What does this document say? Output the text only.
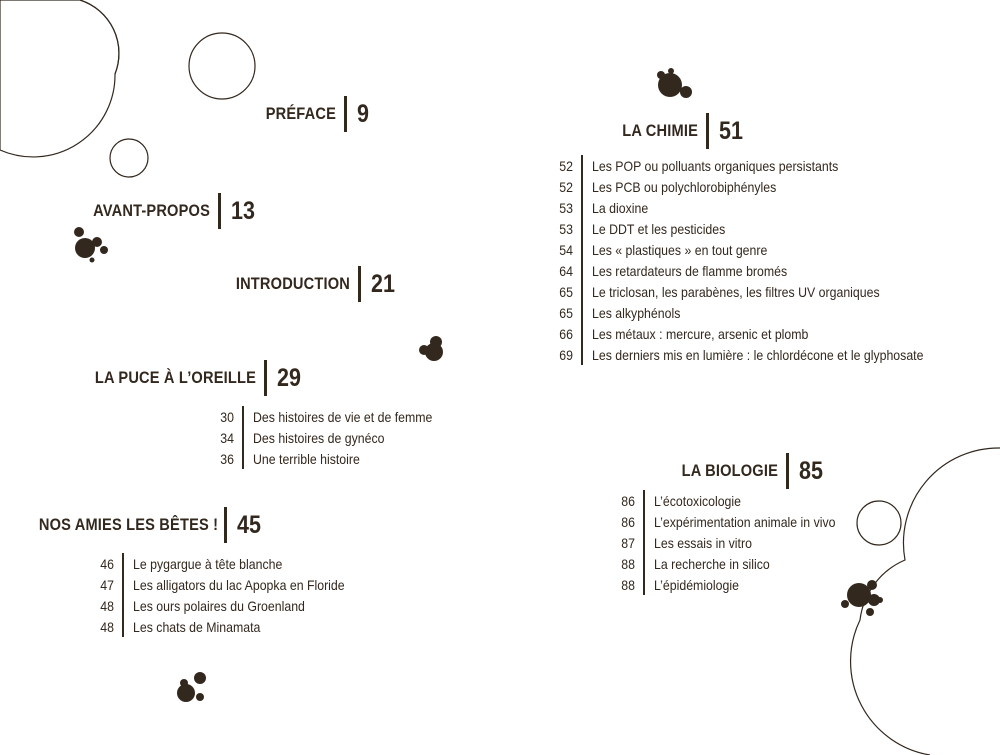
PRÉFACE 9
AVANT-PROPOS 13
INTRODUCTION 21
LA PUCE À L’OREILLE 29
30 Des histoires de vie et de femme
34 Des histoires de gynéco
36 Une terrible histoire
NOS AMIES LES BÊTES ! 45
46 Le pygargue à tête blanche
47 Les alligators du lac Apopka en Floride
48 Les ours polaires du Groenland
48 Les chats de Minamata
LA CHIMIE 51
52 Les POP ou polluants organiques persistants
52 Les PCB ou polychlorobiphényles
53 La dioxine
53 Le DDT et les pesticides
54 Les « plastiques » en tout genre
64 Les retardateurs de flamme bromés
65 Le triclosan, les parabènes, les filtres UV organiques
65 Les alkyphénols
66 Les métaux : mercure, arsenic et plomb
69 Les derniers mis en lumière : le chlordécone et le glyphosate
LA BIOLOGIE 85
86 L’écotoxicologie
86 L’expérimentation animale in vivo
87 Les essais in vitro
88 La recherche in silico
88 L’épidémiologie
